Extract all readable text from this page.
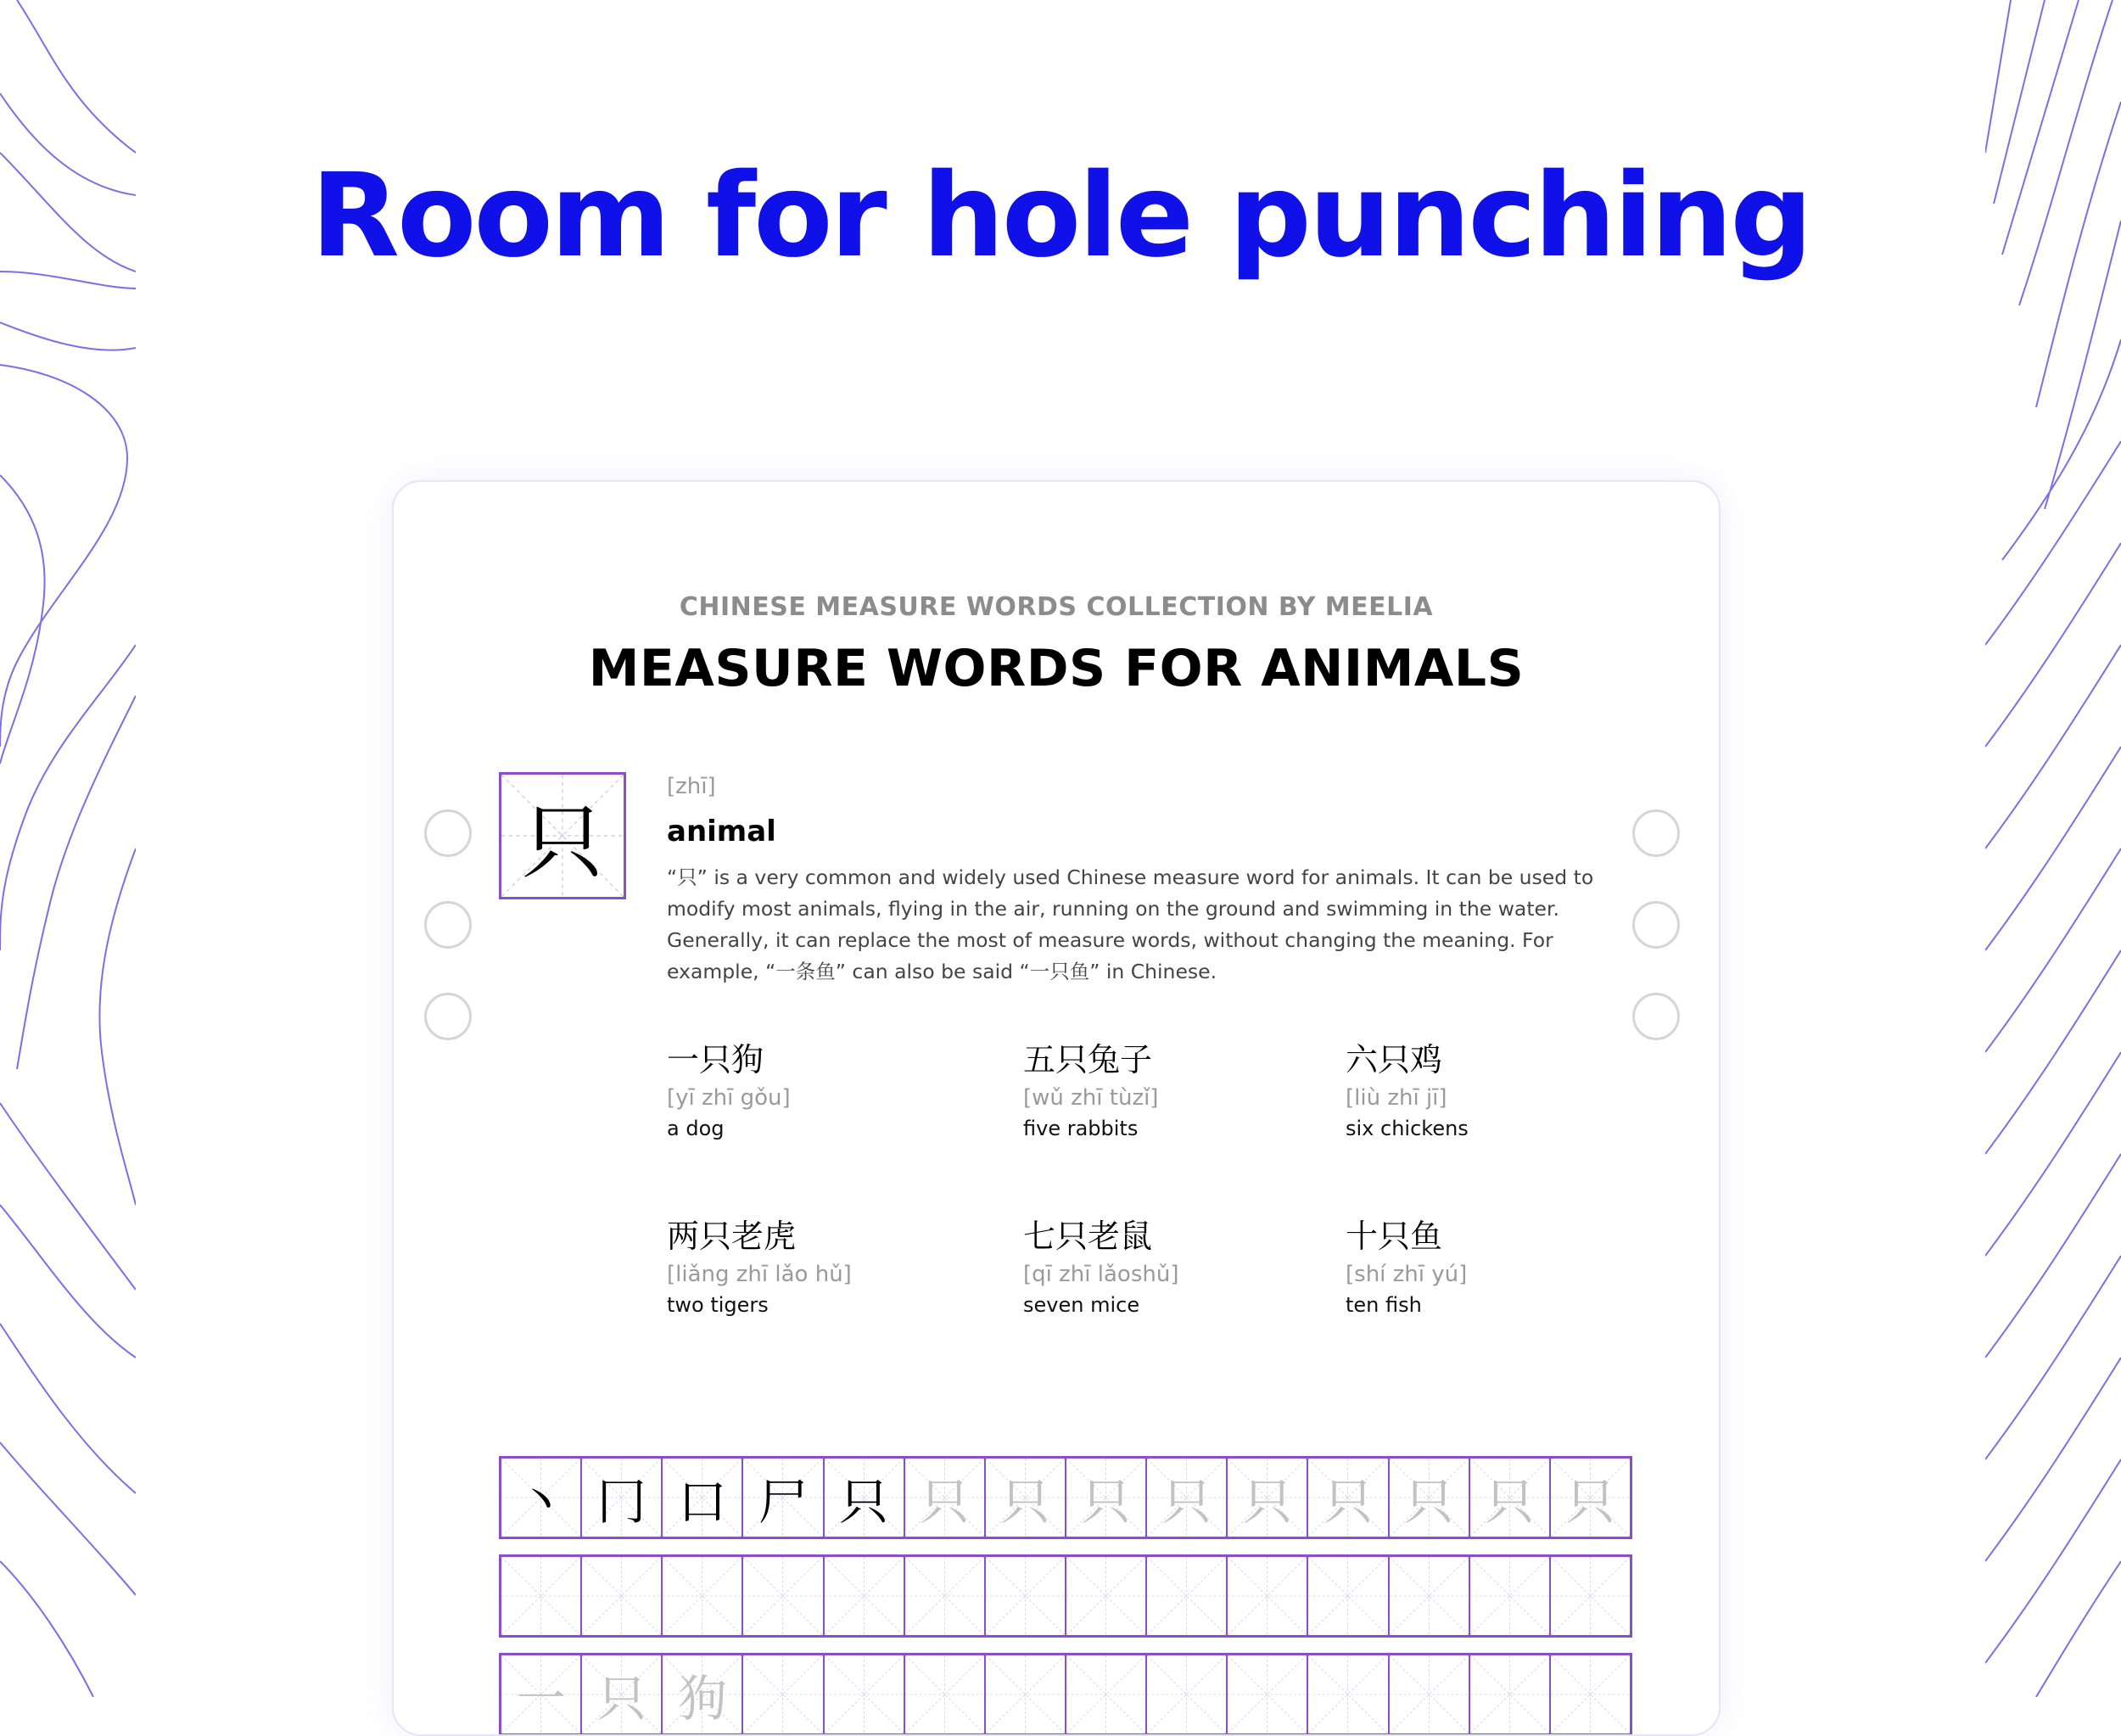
Room for hole punching
CHINESE MEASURE WORDS COLLECTION BY MEELIA
MEASURE WORDS FOR ANIMALS
只
[zhī]
animal
“只” is a very common and widely used Chinese measure word for animals. It can be used to modify most animals, flying in the air, running on the ground and swimming in the water. Generally, it can replace the most of measure words, without changing the meaning. For example, “一条鱼” can also be said “一只鱼” in Chinese.
一只狗
[yī zhī gǒu]
a dog
五只兔子
[wǔ zhī tùzǐ]
five rabbits
六只鸡
[liù zhī jī]
six chickens
两只老虎
[liǎng zhī lǎo hǔ]
two tigers
七只老鼠
[qī zhī lǎoshǔ]
seven mice
十只鱼
[shí zhī yú]
ten fish
丶 冂 口 尸 只 只 只 只 只 只 只 只 只 只
一 只 狗
